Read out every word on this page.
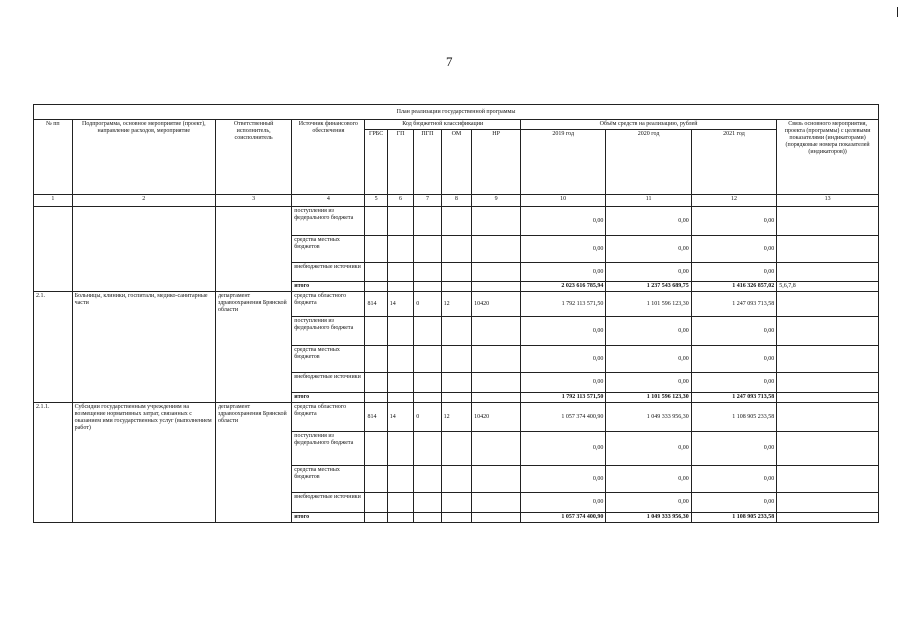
7
План реализации государственной программы												
№ пп	Подпрограмма, основное мероприятие (проект), направление расходов, мероприятие	Ответственный исполнитель, соисполнитель	Источник финансового обеспечения	Код бюджетной классификации					Объём средств на реализацию, рублей			Связь основного мероприятия, проекта (программы) с целевыми показателями (индикаторами) (порядковые номера показателей (индикаторов))
				ГРБС	ГП	ПГП	ОМ	НР	2019 год	2020 год	2021 год	
1	2	3	4	5	6	7	8	9	10	11	12	13
			поступления из федерального бюджета						0,00	0,00	0,00	
			средства местных бюджетов						0,00	0,00	0,00	
			внебюджетные источники						0,00	0,00	0,00	
			итого						2 023 616 785,94	1 237 543 689,75	1 416 326 857,02	5,6,7,8
2.1.	Больницы, клиники, госпитали, медико-санитарные части	департамент здравоохранения Брянской области	средства областного бюджета	814	14	0	12	10420	1 792 113 571,50	1 101 596 123,30	1 247 093 713,58	
			поступления из федерального бюджета						0,00	0,00	0,00	
			средства местных бюджетов						0,00	0,00	0,00	
			внебюджетные источники						0,00	0,00	0,00	
			итого						1 792 113 571,50	1 101 596 123,30	1 247 093 713,58	
2.1.1.	Субсидии государственным учреждениям на возмещение нормативных затрат, связанных с оказанием ими государственных услуг (выполнением работ)	департамент здравоохранения Брянской области	средства областного бюджета	814	14	0	12	10420	1 057 374 400,90	1 049 333 956,30	1 108 905 233,58	
			поступления из федерального бюджета						0,00	0,00	0,00	
			средства местных бюджетов						0,00	0,00	0,00	
			внебюджетные источники						0,00	0,00	0,00	
			итого						1 057 374 400,90	1 049 333 956,30	1 108 905 233,58	
